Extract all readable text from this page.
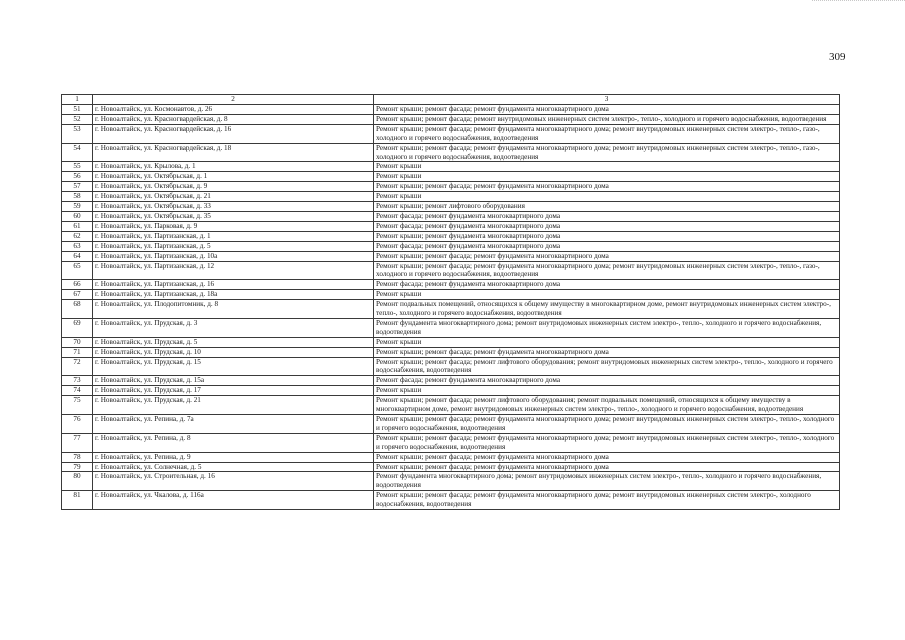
309
1	2	3
51	г. Новоалтайск, ул. Космонавтов, д. 26	Ремонт крыши; ремонт фасада; ремонт фундамента многоквартирного дома
52	г. Новоалтайск, ул. Красногвардейская, д. 8	Ремонт крыши; ремонт фасада; ремонт внутридомовых инженерных систем электро-, тепло-, холодного и горячего водоснабжения, водоотведения
53	г. Новоалтайск, ул. Красногвардейская, д. 16	Ремонт крыши; ремонт фасада; ремонт фундамента многоквартирного дома; ремонт внутридомовых инженерных систем электро-, тепло-, газо-, холодного и горячего водоснабжения, водоотведения
54	г. Новоалтайск, ул. Красногвардейская, д. 18	Ремонт крыши; ремонт фасада; ремонт фундамента многоквартирного дома; ремонт внутридомовых инженерных систем электро-, тепло-, газо-, холодного и горячего водоснабжения, водоотведения
55	г. Новоалтайск, ул. Крылова, д. 1	Ремонт крыши
56	г. Новоалтайск, ул. Октябрьская, д. 1	Ремонт крыши
57	г. Новоалтайск, ул. Октябрьская, д. 9	Ремонт крыши; ремонт фасада; ремонт фундамента многоквартирного дома
58	г. Новоалтайск, ул. Октябрьская, д. 21	Ремонт крыши
59	г. Новоалтайск, ул. Октябрьская, д. 33	Ремонт крыши; ремонт лифтового оборудования
60	г. Новоалтайск, ул. Октябрьская, д. 35	Ремонт фасада; ремонт фундамента многоквартирного дома
61	г. Новоалтайск, ул. Парковая, д. 9	Ремонт фасада; ремонт фундамента многоквартирного дома
62	г. Новоалтайск, ул. Партизанская, д. 1	Ремонт крыши; ремонт фундамента многоквартирного дома
63	г. Новоалтайск, ул. Партизанская, д. 5	Ремонт фасада; ремонт фундамента многоквартирного дома
64	г. Новоалтайск, ул. Партизанская, д. 10а	Ремонт крыши; ремонт фасада; ремонт фундамента многоквартирного дома
65	г. Новоалтайск, ул. Партизанская, д. 12	Ремонт крыши; ремонт фасада; ремонт фундамента многоквартирного дома; ремонт внутридомовых инженерных систем электро-, тепло-, газо-, холодного и горячего водоснабжения, водоотведения
66	г. Новоалтайск, ул. Партизанская, д. 16	Ремонт фасада; ремонт фундамента многоквартирного дома
67	г. Новоалтайск, ул. Партизанская, д. 18а	Ремонт крыши
68	г. Новоалтайск, ул. Плодопитомник, д. 8	Ремонт подвальных помещений, относящихся к общему имуществу в многоквартирном доме, ремонт внутридомовых инженерных систем электро-, тепло-, холодного и горячего водоснабжения, водоотведения
69	г. Новоалтайск, ул. Прудская, д. 3	Ремонт фундамента многоквартирного дома; ремонт внутридомовых инженерных систем электро-, тепло-, холодного и горячего водоснабжения, водоотведения
70	г. Новоалтайск, ул. Прудская, д. 5	Ремонт крыши
71	г. Новоалтайск, ул. Прудская, д. 10	Ремонт крыши; ремонт фасада; ремонт фундамента многоквартирного дома
72	г. Новоалтайск, ул. Прудская, д. 15	Ремонт крыши; ремонт фасада; ремонт лифтового оборудования; ремонт внутридомовых инженерных систем электро-, тепло-, холодного и горячего водоснабжения, водоотведения
73	г. Новоалтайск, ул. Прудская, д. 15а	Ремонт фасада; ремонт фундамента многоквартирного дома
74	г. Новоалтайск, ул. Прудская, д. 17	Ремонт крыши
75	г. Новоалтайск, ул. Прудская, д. 21	Ремонт крыши; ремонт фасада; ремонт лифтового оборудования; ремонт подвальных помещений, относящихся к общему имуществу в многоквартирном доме, ремонт внутридомовых инженерных систем электро-, тепло-, холодного и горячего водоснабжения, водоотведения
76	г. Новоалтайск, ул. Репина, д. 7а	Ремонт крыши; ремонт фасада; ремонт фундамента многоквартирного дома; ремонт внутридомовых инженерных систем электро-, тепло-, холодного и горячего водоснабжения, водоотведения
77	г. Новоалтайск, ул. Репина, д. 8	Ремонт крыши; ремонт фасада; ремонт фундамента многоквартирного дома; ремонт внутридомовых инженерных систем электро-, тепло-, холодного и горячего водоснабжения, водоотведения
78	г. Новоалтайск, ул. Репина, д. 9	Ремонт крыши; ремонт фасада; ремонт фундамента многоквартирного дома
79	г. Новоалтайск, ул. Солнечная, д. 5	Ремонт крыши; ремонт фасада; ремонт фундамента многоквартирного дома
80	г. Новоалтайск, ул. Строительная, д. 16	Ремонт фундамента многоквартирного дома; ремонт внутридомовых инженерных систем электро-, тепло-, холодного и горячего водоснабжения, водоотведения
81	г. Новоалтайск, ул. Чкалова, д. 116а	Ремонт крыши; ремонт фасада; ремонт фундамента многоквартирного дома; ремонт внутридомовых инженерных систем электро-, холодного водоснабжения, водоотведения
